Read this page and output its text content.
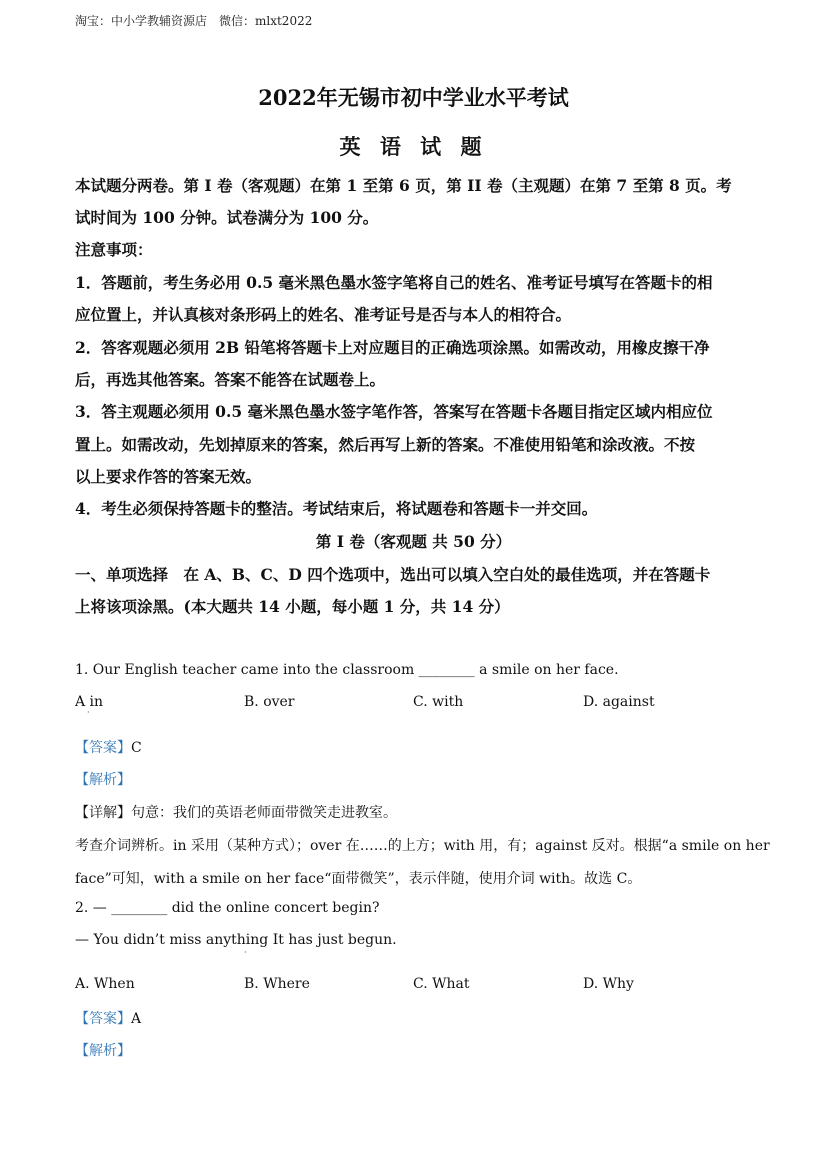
淘宝：中小学教辅资源店　微信：mlxt2022
2022年无锡市初中学业水平考试
英 语 试 题
本试题分两卷。第 I 卷（客观题）在第 1 至第 6 页，第 II 卷（主观题）在第 7 至第 8 页。考
试时间为 100 分钟。试卷满分为 100 分。
注意事项：
1．答题前，考生务必用 0.5 毫米黑色墨水签字笔将自己的姓名、准考证号填写在答题卡的相
应位置上，并认真核对条形码上的姓名、准考证号是否与本人的相符合。
2．答客观题必须用 2B 铅笔将答题卡上对应题目的正确选项涂黑。如需改动，用橡皮擦干净
后，再选其他答案。答案不能答在试题卷上。
3．答主观题必须用 0.5 毫米黑色墨水签字笔作答，答案写在答题卡各题目指定区域内相应位
置上。如需改动，先划掉原来的答案，然后再写上新的答案。不准使用铅笔和涂改液。不按
以上要求作答的答案无效。
4．考生必须保持答题卡的整洁。考试结束后，将试题卷和答题卡一并交回。
第 I 卷（客观题 共 50 分）
一、单项选择　在 A、B、C、D 四个选项中，选出可以填入空白处的最佳选项，并在答题卡
上将该项涂黑。(本大题共 14 小题，每小题 1 分，共 14 分）
1. Our English teacher came into the classroom ________ a smile on her face.
A in
·
B. over	C. with	D. against
【答案】C
【解析】
【详解】句意：我们的英语老师面带微笑走进教室。
考查介词辨析。in 采用（某种方式）；over 在……的上方；with 用，有；against 反对。根据“a smile on her
face”可知，with a smile on her face“面带微笑”，表示伴随，使用介词 with。故选 C。
2. — ________ did the online concert begin?
— You didn’t miss anything It has just begun.
·
A. When	B. Where	C. What	D. Why
【答案】A
【解析】
